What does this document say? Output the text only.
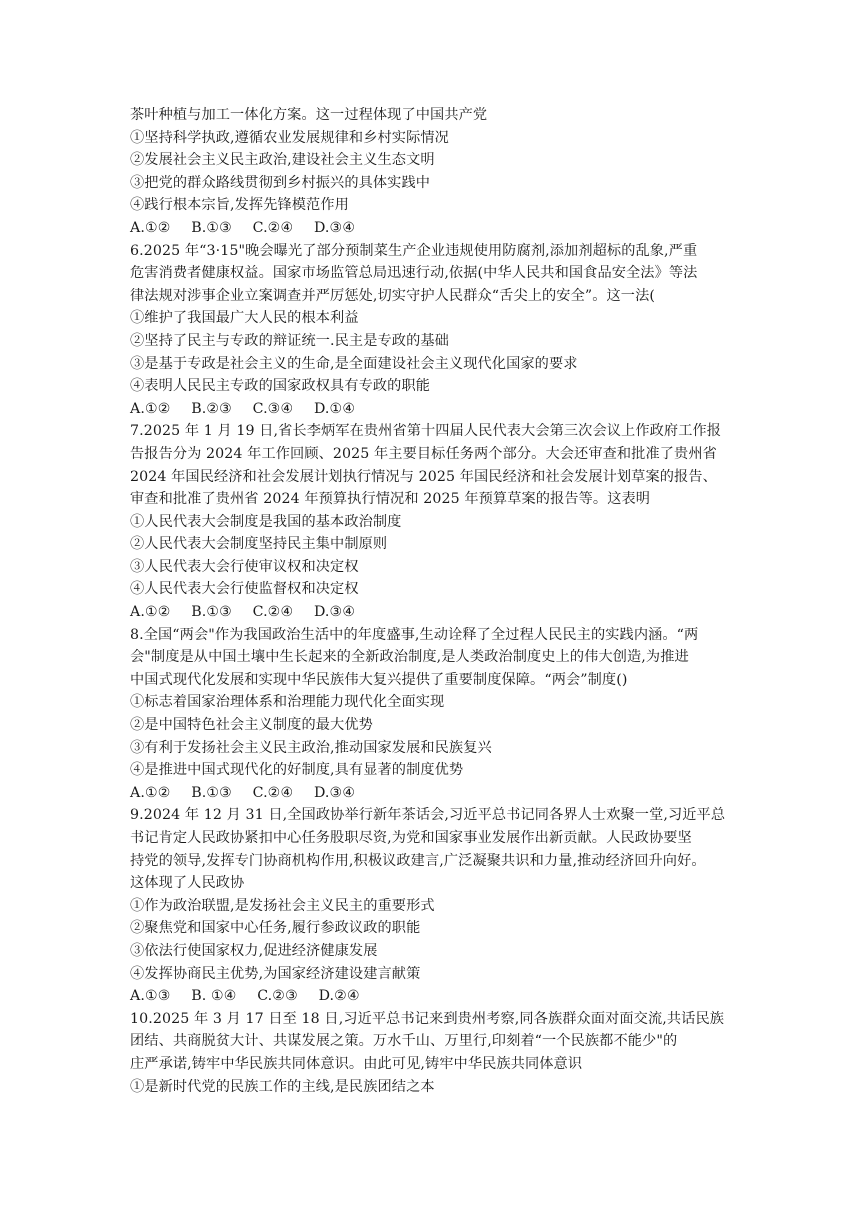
茶叶种植与加工一体化方案。这一过程体现了中国共产党
①坚持科学执政,遵循农业发展规律和乡村实际情况
②发展社会主义民主政治,建设社会主义生态文明
③把党的群众路线贯彻到乡村振兴的具体实践中
④践行根本宗旨,发挥先锋模范作用
A.①② B.①③ C.②④ D.③④
6.2025 年“3·15"晚会曝光了部分预制菜生产企业违规使用防腐剂,添加剂超标的乱象,严重
危害消费者健康权益。国家市场监管总局迅速行动,依据(中华人民共和国食品安全法》等法
律法规对涉事企业立案调查并严厉惩处,切实守护人民群众“舌尖上的安全”。这一法(
①维护了我国最广大人民的根本利益
②坚持了民主与专政的辩证统一.民主是专政的基础
③是基于专政是社会主义的生命,是全面建设社会主义现代化国家的要求
④表明人民民主专政的国家政权具有专政的职能
A.①② B.②③ C.③④ D.①④
7.2025 年 1 月 19 日,省长李炳军在贵州省第十四届人民代表大会第三次会议上作政府工作报
告报告分为 2024 年工作回顾、2025 年主要目标任务两个部分。大会还审查和批准了贵州省
2024 年国民经济和社会发展计划执行情况与 2025 年国民经济和社会发展计划草案的报告、
审查和批准了贵州省 2024 年预算执行情况和 2025 年预算草案的报告等。这表明
①人民代表大会制度是我国的基本政治制度
②人民代表大会制度坚持民主集中制原则
③人民代表大会行使审议权和决定权
④人民代表大会行使监督权和决定权
A.①② B.①③ C.②④ D.③④
8.全国“两会"作为我国政治生活中的年度盛事,生动诠释了全过程人民民主的实践内涵。“两
会"制度是从中国土壤中生长起来的全新政治制度,是人类政治制度史上的伟大创造,为推进
中国式现代化发展和实现中华民族伟大复兴提供了重要制度保障。“两会”制度()
①标志着国家治理体系和治理能力现代化全面实现
②是中国特色社会主义制度的最大优势
③有利于发扬社会主义民主政治,推动国家发展和民族复兴
④是推进中国式现代化的好制度,具有显著的制度优势
A.①② B.①③ C.②④ D.③④
9.2024 年 12 月 31 日,全国政协举行新年茶话会,习近平总书记同各界人士欢聚一堂,习近平总
书记肯定人民政协紧扣中心任务股职尽资,为党和国家事业发展作出新贡献。人民政协要坚
持党的领导,发挥专门协商机构作用,积极议政建言,广泛凝聚共识和力量,推动经济回升向好。
这体现了人民政协
①作为政治联盟,是发扬社会主义民主的重要形式
②聚焦党和国家中心任务,履行参政议政的职能
③依法行使国家权力,促进经济健康发展
④发挥协商民主优势,为国家经济建设建言献策
A.①③ B. ①④ C.②③ D.②④
10.2025 年 3 月 17 日至 18 日,习近平总书记来到贵州考察,同各族群众面对面交流,共话民族
团结、共商脱贫大计、共谋发展之策。万水千山、万里行,印刻着“一个民族都不能少"的
庄严承诺,铸牢中华民族共同体意识。由此可见,铸牢中华民族共同体意识
①是新时代党的民族工作的主线,是民族团结之本
